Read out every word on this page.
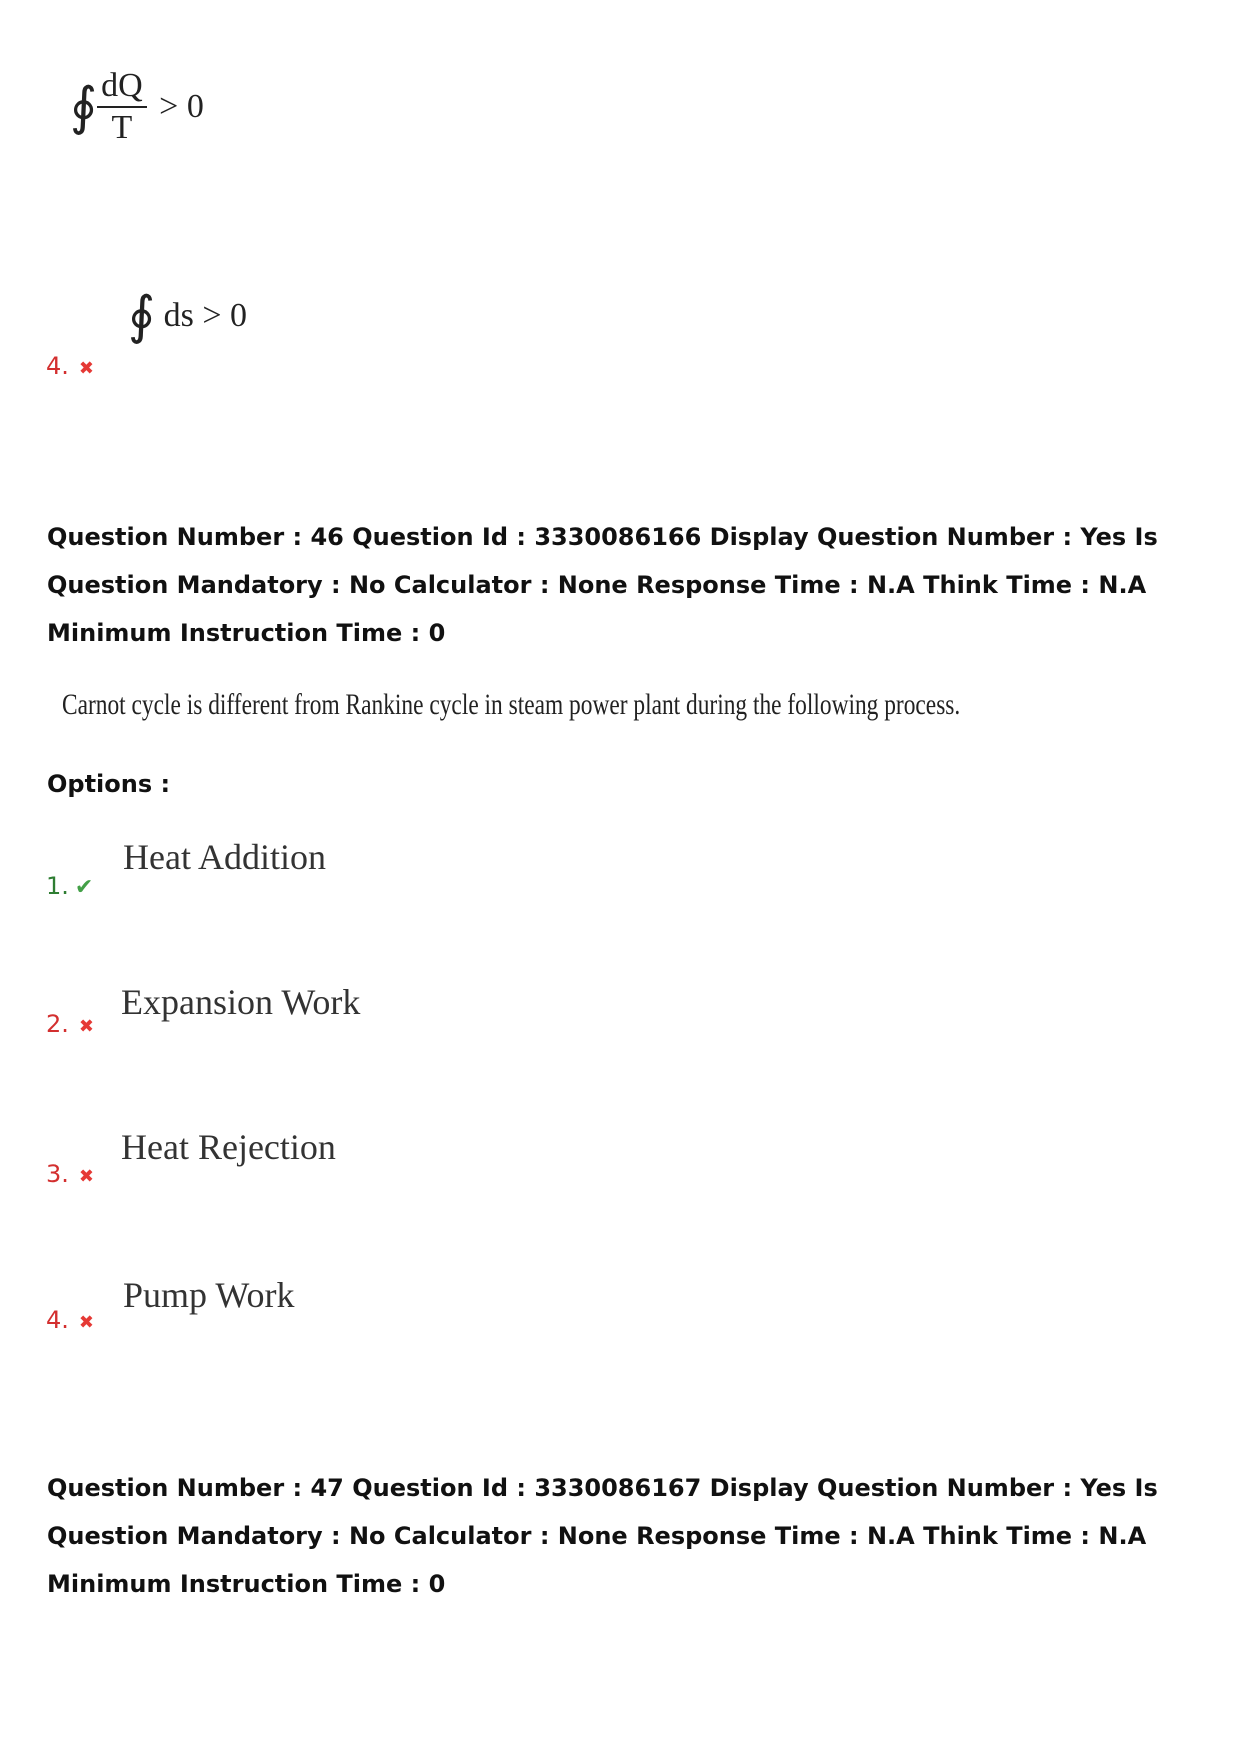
∮ $\frac{dQ}{T} > 0$
4. ✖
∮ ds > 0
Question Number : 46 Question Id : 3330086166 Display Question Number : Yes Is Question Mandatory : No Calculator : None Response Time : N.A Think Time : N.A Minimum Instruction Time : 0
Carnot cycle is different from Rankine cycle in steam power plant during the following process.
Options :
1. ✔
Heat Addition
2. ✖
Expansion Work
3. ✖
Heat Rejection
4. ✖
Pump Work
Question Number : 47 Question Id : 3330086167 Display Question Number : Yes Is Question Mandatory : No Calculator : None Response Time : N.A Think Time : N.A Minimum Instruction Time : 0
